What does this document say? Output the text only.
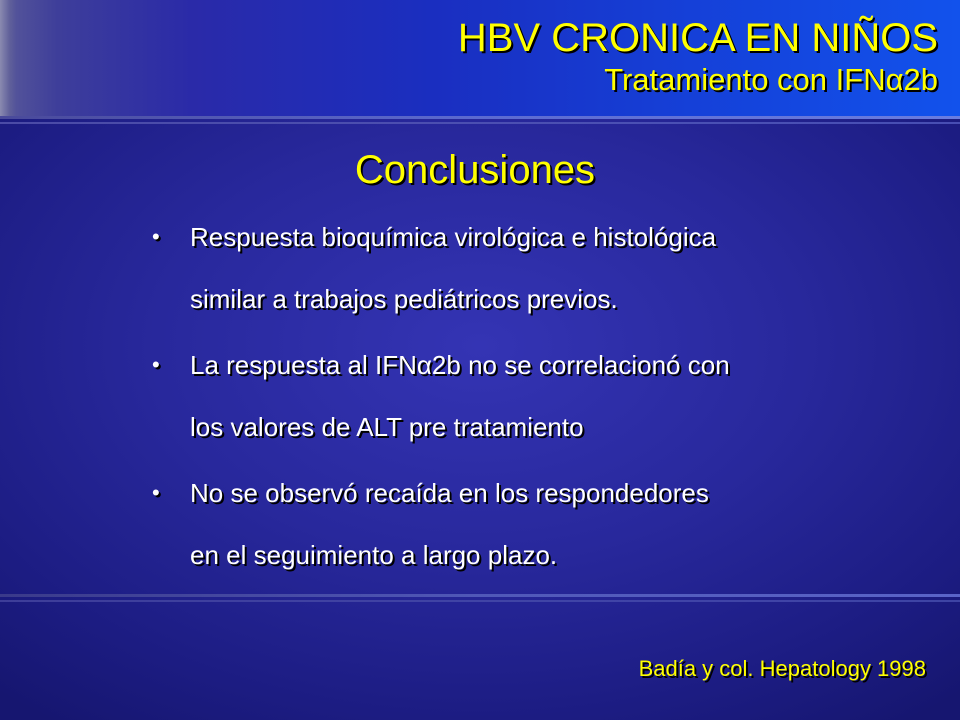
HBV CRONICA EN NIÑOS
Tratamiento con IFNα2b
Conclusiones
• Respuesta bioquímica virológica e histológica
similar a trabajos pediátricos previos.
• La respuesta al IFNα2b no se correlacionó con
los valores de ALT pre tratamiento
• No se observó recaída en los respondedores
en el seguimiento a largo plazo.
Badía y col. Hepatology 1998
